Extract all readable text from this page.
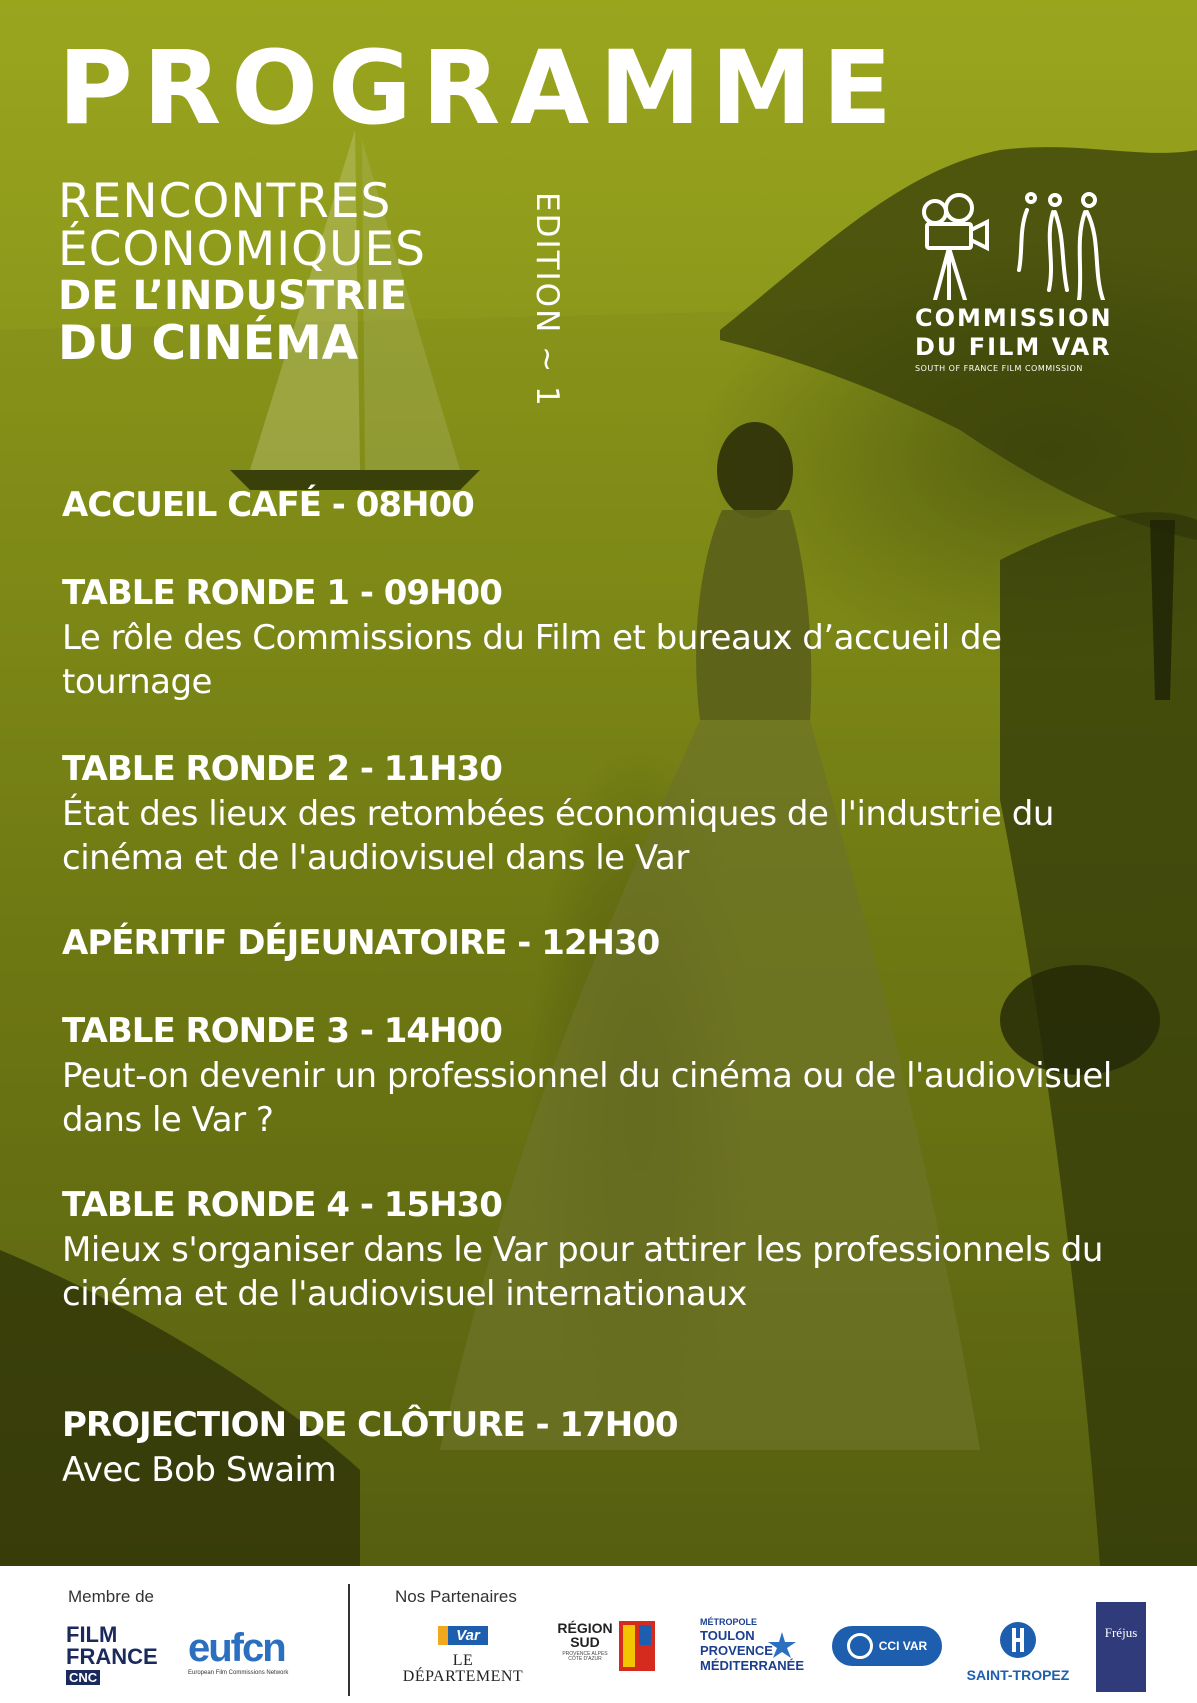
PROGRAMME

RENCONTRES

ÉCONOMIQUES

DE L’INDUSTRIE

DU CINÉMA	EDITION ~ 1	COMMISSION

DU FILM VAR

SOUTH OF FRANCE FILM COMMISSION

ACCUEIL CAFÉ - 08H00

TABLE RONDE 1 - 09H00

Le rôle des Commissions du Film et bureaux d’accueil de tournage

TABLE RONDE 2 - 11H30

État des lieux des retombées économiques de l'industrie du cinéma et de l'audiovisuel dans le Var

APÉRITIF DÉJEUNATOIRE - 12H30

TABLE RONDE 3 - 14H00

Peut-on devenir un professionnel du cinéma ou de l'audiovisuel dans le Var ?

TABLE RONDE 4 - 15H30

Mieux s'organiser dans le Var pour attirer les professionnels du cinéma et de l'audiovisuel internationaux

PROJECTION DE CLÔTURE - 17H00

Avec Bob Swaim

Membre de	Nos Partenaires
FILM
FRANCE
CNC
eufcn
European Film Commissions Network
Var
LE DÉPARTEMENT
RÉGION
SUD
PROVENCE ALPES CÔTE D'AZUR
MÉTROPOLE
TOULON
PROVENCE
MÉDITERRANÉE
CCI VAR
SAINT-TROPEZ
Fréjus
